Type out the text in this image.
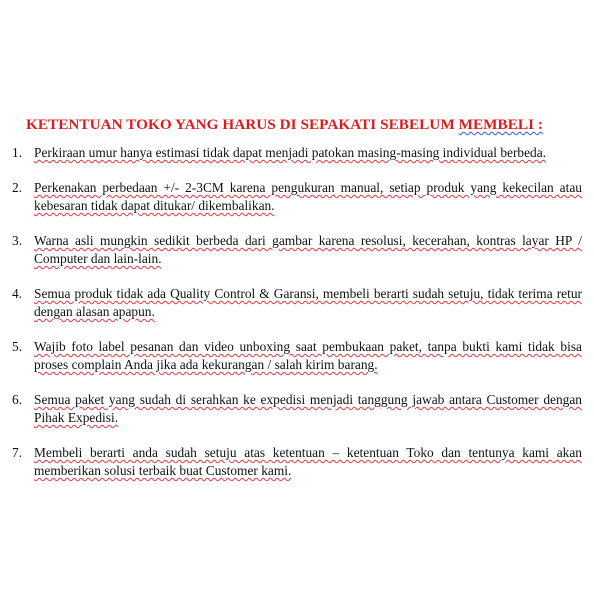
KETENTUAN TOKO YANG HARUS DI SEPAKATI SEBELUM MEMBELI :
1. Perkiraan umur hanya estimasi tidak dapat menjadi patokan masing-masing individual berbeda.
2. Perkenakan perbedaan +/- 2-3CM karena pengukuran manual, setiap produk yang kekecilan atau kebesaran tidak dapat ditukar/ dikembalikan.
3. Warna asli mungkin sedikit berbeda dari gambar karena resolusi, kecerahan, kontras layar HP / Computer dan lain-lain.
4. Semua produk tidak ada Quality Control & Garansi, membeli berarti sudah setuju, tidak terima retur dengan alasan apapun.
5. Wajib foto label pesanan dan video unboxing saat pembukaan paket, tanpa bukti kami tidak bisa proses complain Anda jika ada kekurangan / salah kirim barang.
6. Semua paket yang sudah di serahkan ke expedisi menjadi tanggung jawab antara Customer dengan Pihak Expedisi.
7. Membeli berarti anda sudah setuju atas ketentuan – ketentuan Toko dan tentunya kami akan memberikan solusi terbaik buat Customer kami.
